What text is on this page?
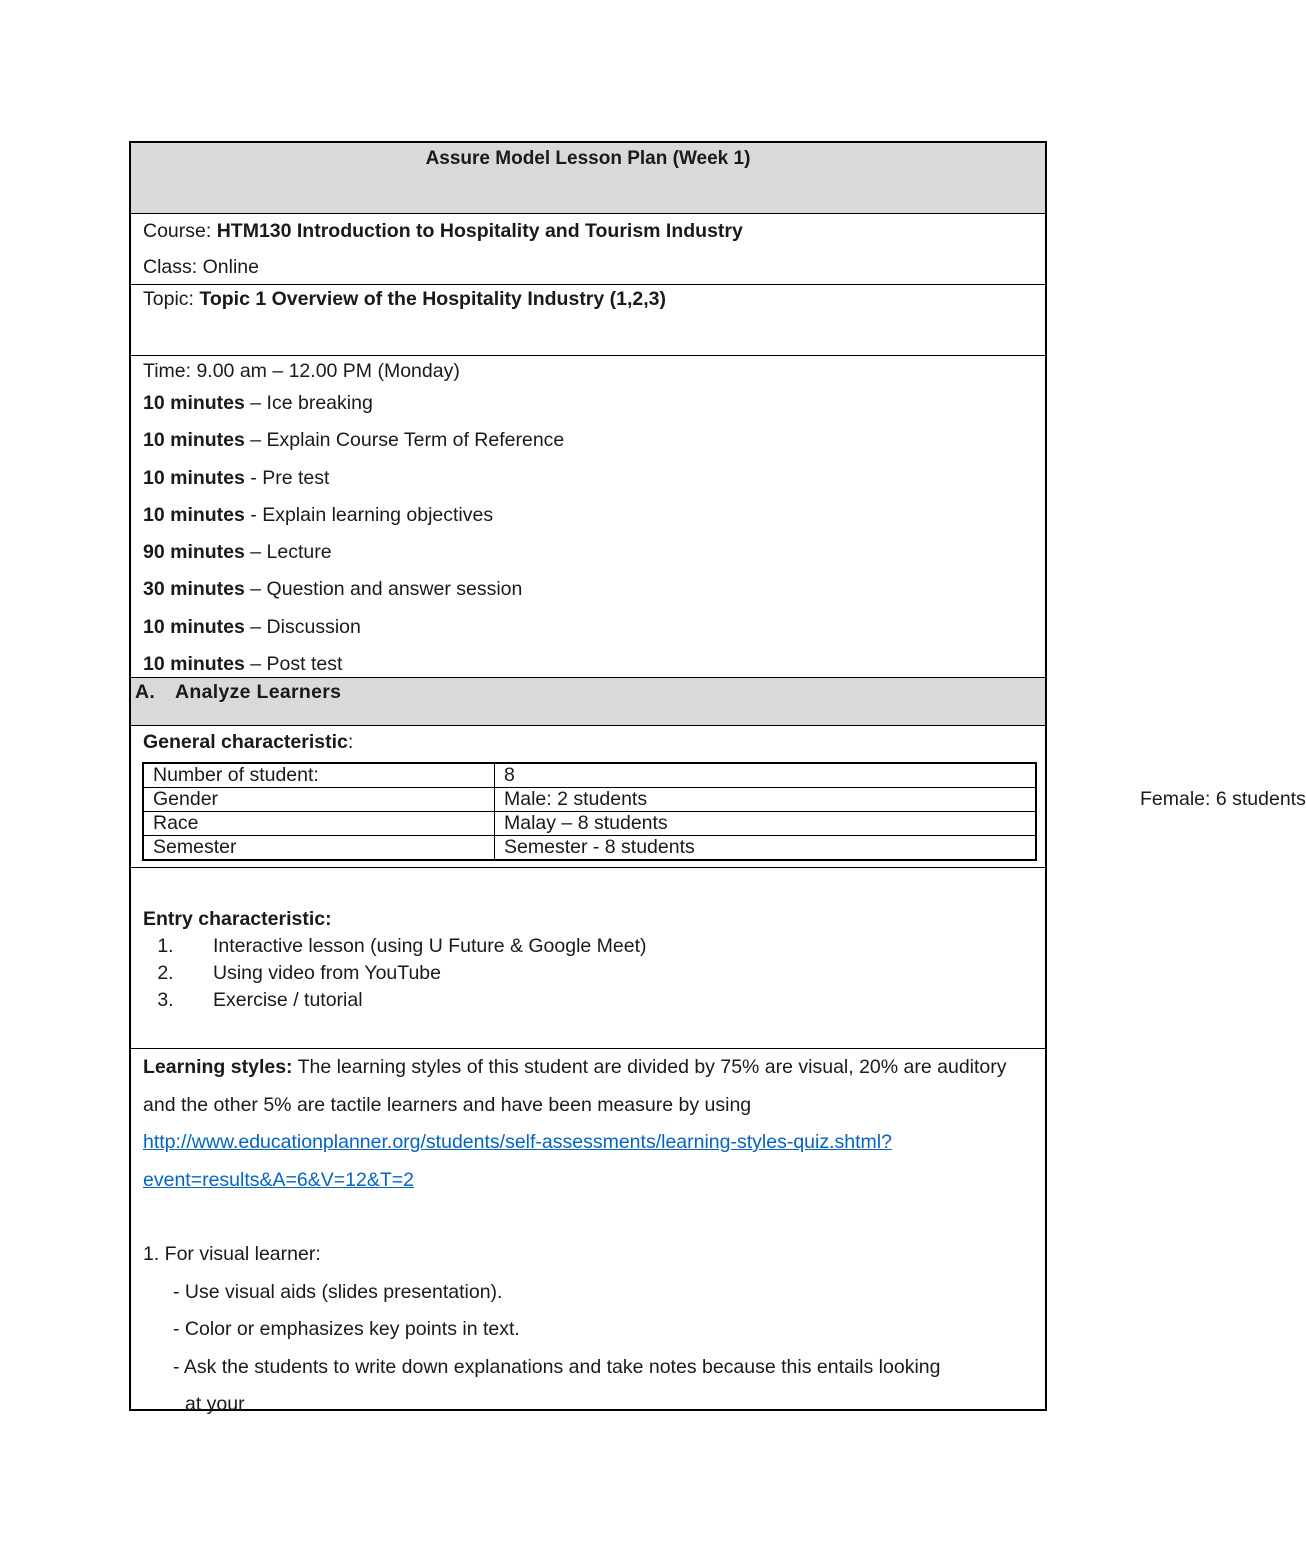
Assure Model Lesson Plan (Week 1)
Course: HTM130 Introduction to Hospitality and Tourism Industry
Class: Online
Topic: Topic 1 Overview of the Hospitality Industry (1,2,3)
Time: 9.00 am – 12.00 PM (Monday)
10 minutes – Ice breaking
10 minutes – Explain Course Term of Reference
10 minutes - Pre test
10 minutes - Explain learning objectives
90 minutes – Lecture
30 minutes – Question and answer session
10 minutes – Discussion
10 minutes – Post test
A. Analyze Learners
General characteristic:
Number of student:	8
Gender	Male: 2 students Female: 6 students

Race	Malay – 8 students
Semester	Semester - 8 students
Entry characteristic:
1. Interactive lesson (using U Future & Google Meet)
2. Using video from YouTube
3. Exercise / tutorial
Learning styles: The learning styles of this student are divided by 75% are visual, 20% are auditory and the other 5% are tactile learners and have been measure by using
http://www.educationplanner.org/students/self-assessments/learning-styles-quiz.shtml?
event=results&A=6&V=12&T=2
1. For visual learner:
- Use visual aids (slides presentation).
- Color or emphasizes key points in text.
- Ask the students to write down explanations and take notes because this entails looking
at your
